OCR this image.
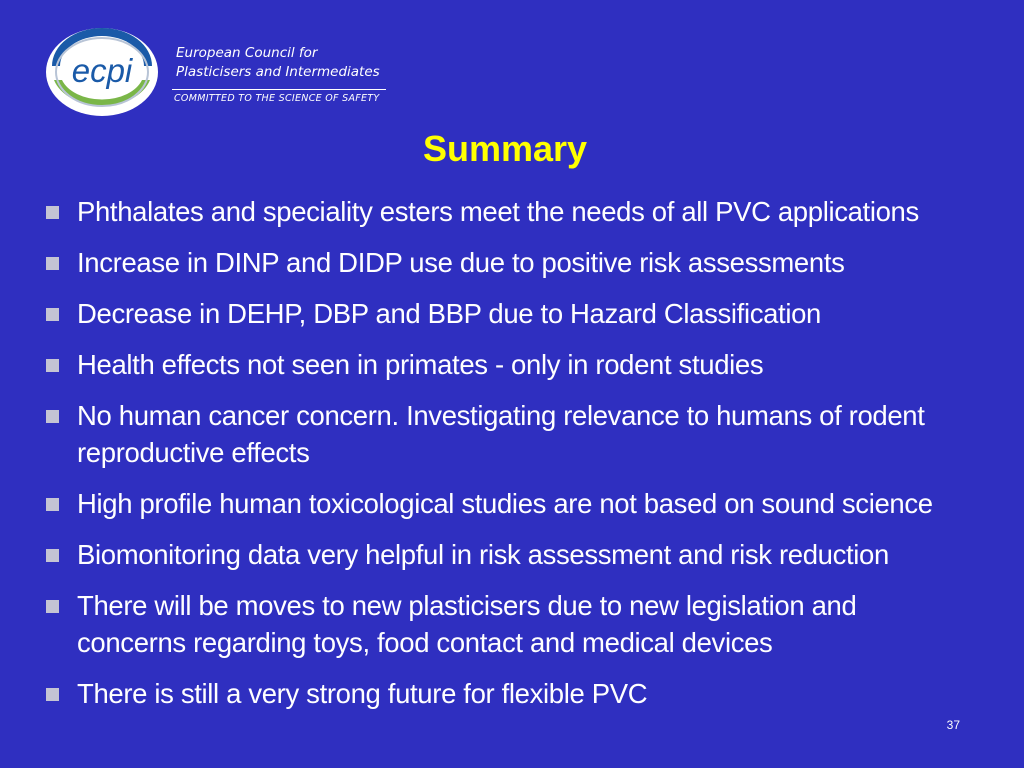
ecpi	European Council for

Plasticisers and Intermediates

COMMITTED TO THE SCIENCE OF SAFETY
Summary
Phthalates and speciality esters meet the needs of all PVC applications
Increase in DINP and DIDP use due to positive risk assessments
Decrease in DEHP, DBP and BBP due to Hazard Classification
Health effects not seen in primates - only in rodent studies
No human cancer concern. Investigating relevance to humans of rodent
reproductive effects
High profile human toxicological studies are not based on sound science
Biomonitoring data very helpful in risk assessment and risk reduction
There will be moves to new plasticisers due to new legislation and
concerns regarding toys, food contact and medical devices
There is still a very strong future for flexible PVC
37
